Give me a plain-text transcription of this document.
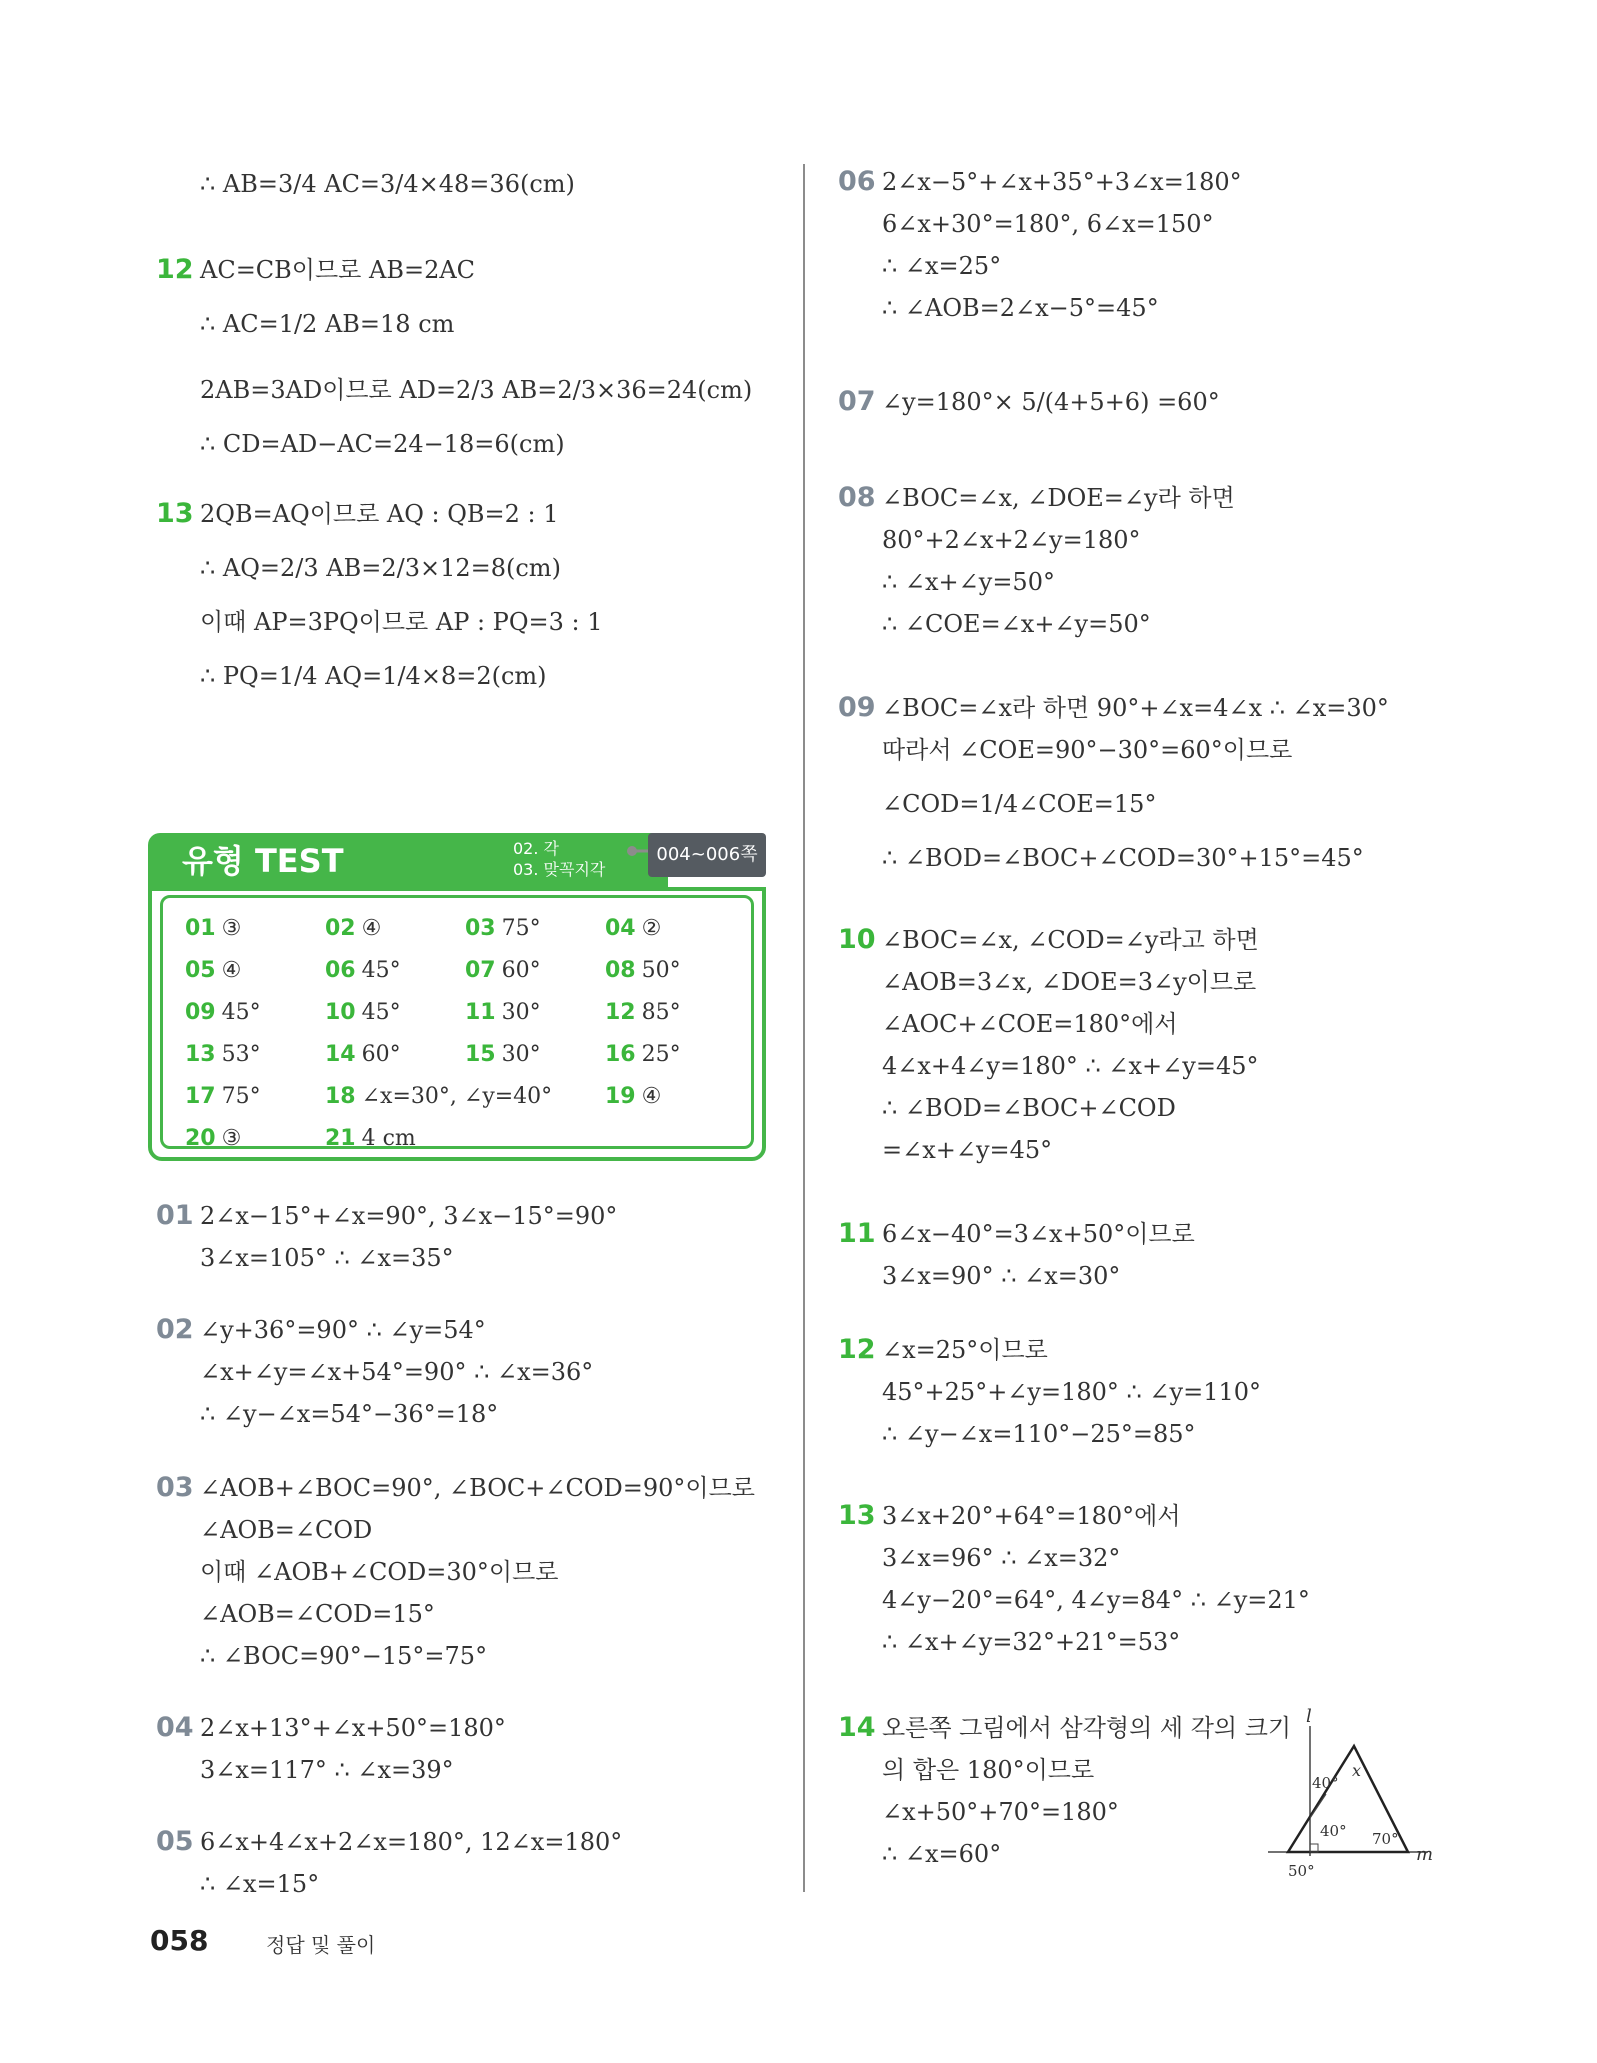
∴ AB=3/4 AC=3/4×48=36(cm)
12 AC=CB이므로 AB=2AC
∴ AC=1/2 AB=18 cm
2AB=3AD이므로 AD=2/3 AB=2/3×36=24(cm)
∴ CD=AD−AC=24−18=6(cm)
13 2QB=AQ이므로 AQ : QB=2 : 1
∴ AQ=2/3 AB=2/3×12=8(cm)
이때 AP=3PQ이므로 AP : PQ=3 : 1
∴ PQ=1/4 AQ=1/4×8=2(cm)
유형 TEST	02. 각
03. 맞꼭지각
004~006쪽
01 ③	02 ④	03 75°	04 ②
05 ④	06 45°	07 60°	08 50°
09 45°	10 45°	11 30°	12 85°
13 53°	14 60°	15 30°	16 25°
17 75°	18 ∠x=30°, ∠y=40° 19 ④
20 ③	21 4 cm
01 2∠x−15°+∠x=90°, 3∠x−15°=90°
3∠x=105° ∴ ∠x=35°
02 ∠y+36°=90° ∴ ∠y=54°
∠x+∠y=∠x+54°=90° ∴ ∠x=36°
∴ ∠y−∠x=54°−36°=18°
03 ∠AOB+∠BOC=90°, ∠BOC+∠COD=90°이므로
∠AOB=∠COD
이때 ∠AOB+∠COD=30°이므로
∠AOB=∠COD=15°
∴ ∠BOC=90°−15°=75°
04 2∠x+13°+∠x+50°=180°
3∠x=117° ∴ ∠x=39°
05 6∠x+4∠x+2∠x=180°, 12∠x=180°
∴ ∠x=15°
06 2∠x−5°+∠x+35°+3∠x=180°
6∠x+30°=180°, 6∠x=150°
∴ ∠x=25°
∴ ∠AOB=2∠x−5°=45°
07 ∠y=180°× 5/(4+5+6) =60°
08 ∠BOC=∠x, ∠DOE=∠y라 하면
80°+2∠x+2∠y=180°
∴ ∠x+∠y=50°
∴ ∠COE=∠x+∠y=50°
09 ∠BOC=∠x라 하면 90°+∠x=4∠x ∴ ∠x=30°
따라서 ∠COE=90°−30°=60°이므로
∠COD=1/4∠COE=15°
∴ ∠BOD=∠BOC+∠COD=30°+15°=45°
10 ∠BOC=∠x, ∠COD=∠y라고 하면
∠AOB=3∠x, ∠DOE=3∠y이므로
∠AOC+∠COE=180°에서
4∠x+4∠y=180° ∴ ∠x+∠y=45°
∴ ∠BOD=∠BOC+∠COD
=∠x+∠y=45°
11 6∠x−40°=3∠x+50°이므로
3∠x=90° ∴ ∠x=30°
12 ∠x=25°이므로
45°+25°+∠y=180° ∴ ∠y=110°
∴ ∠y−∠x=110°−25°=85°
13 3∠x+20°+64°=180°에서
3∠x=96° ∴ ∠x=32°
4∠y−20°=64°, 4∠y=84° ∴ ∠y=21°
∴ ∠x+∠y=32°+21°=53°
14 오른쪽 그림에서 삼각형의 세 각의 크기
의 합은 180°이므로
∠x+50°+70°=180°
∴ ∠x=60°
l
m
40°
x
40° 70°
50°
058	정답 및 풀이
